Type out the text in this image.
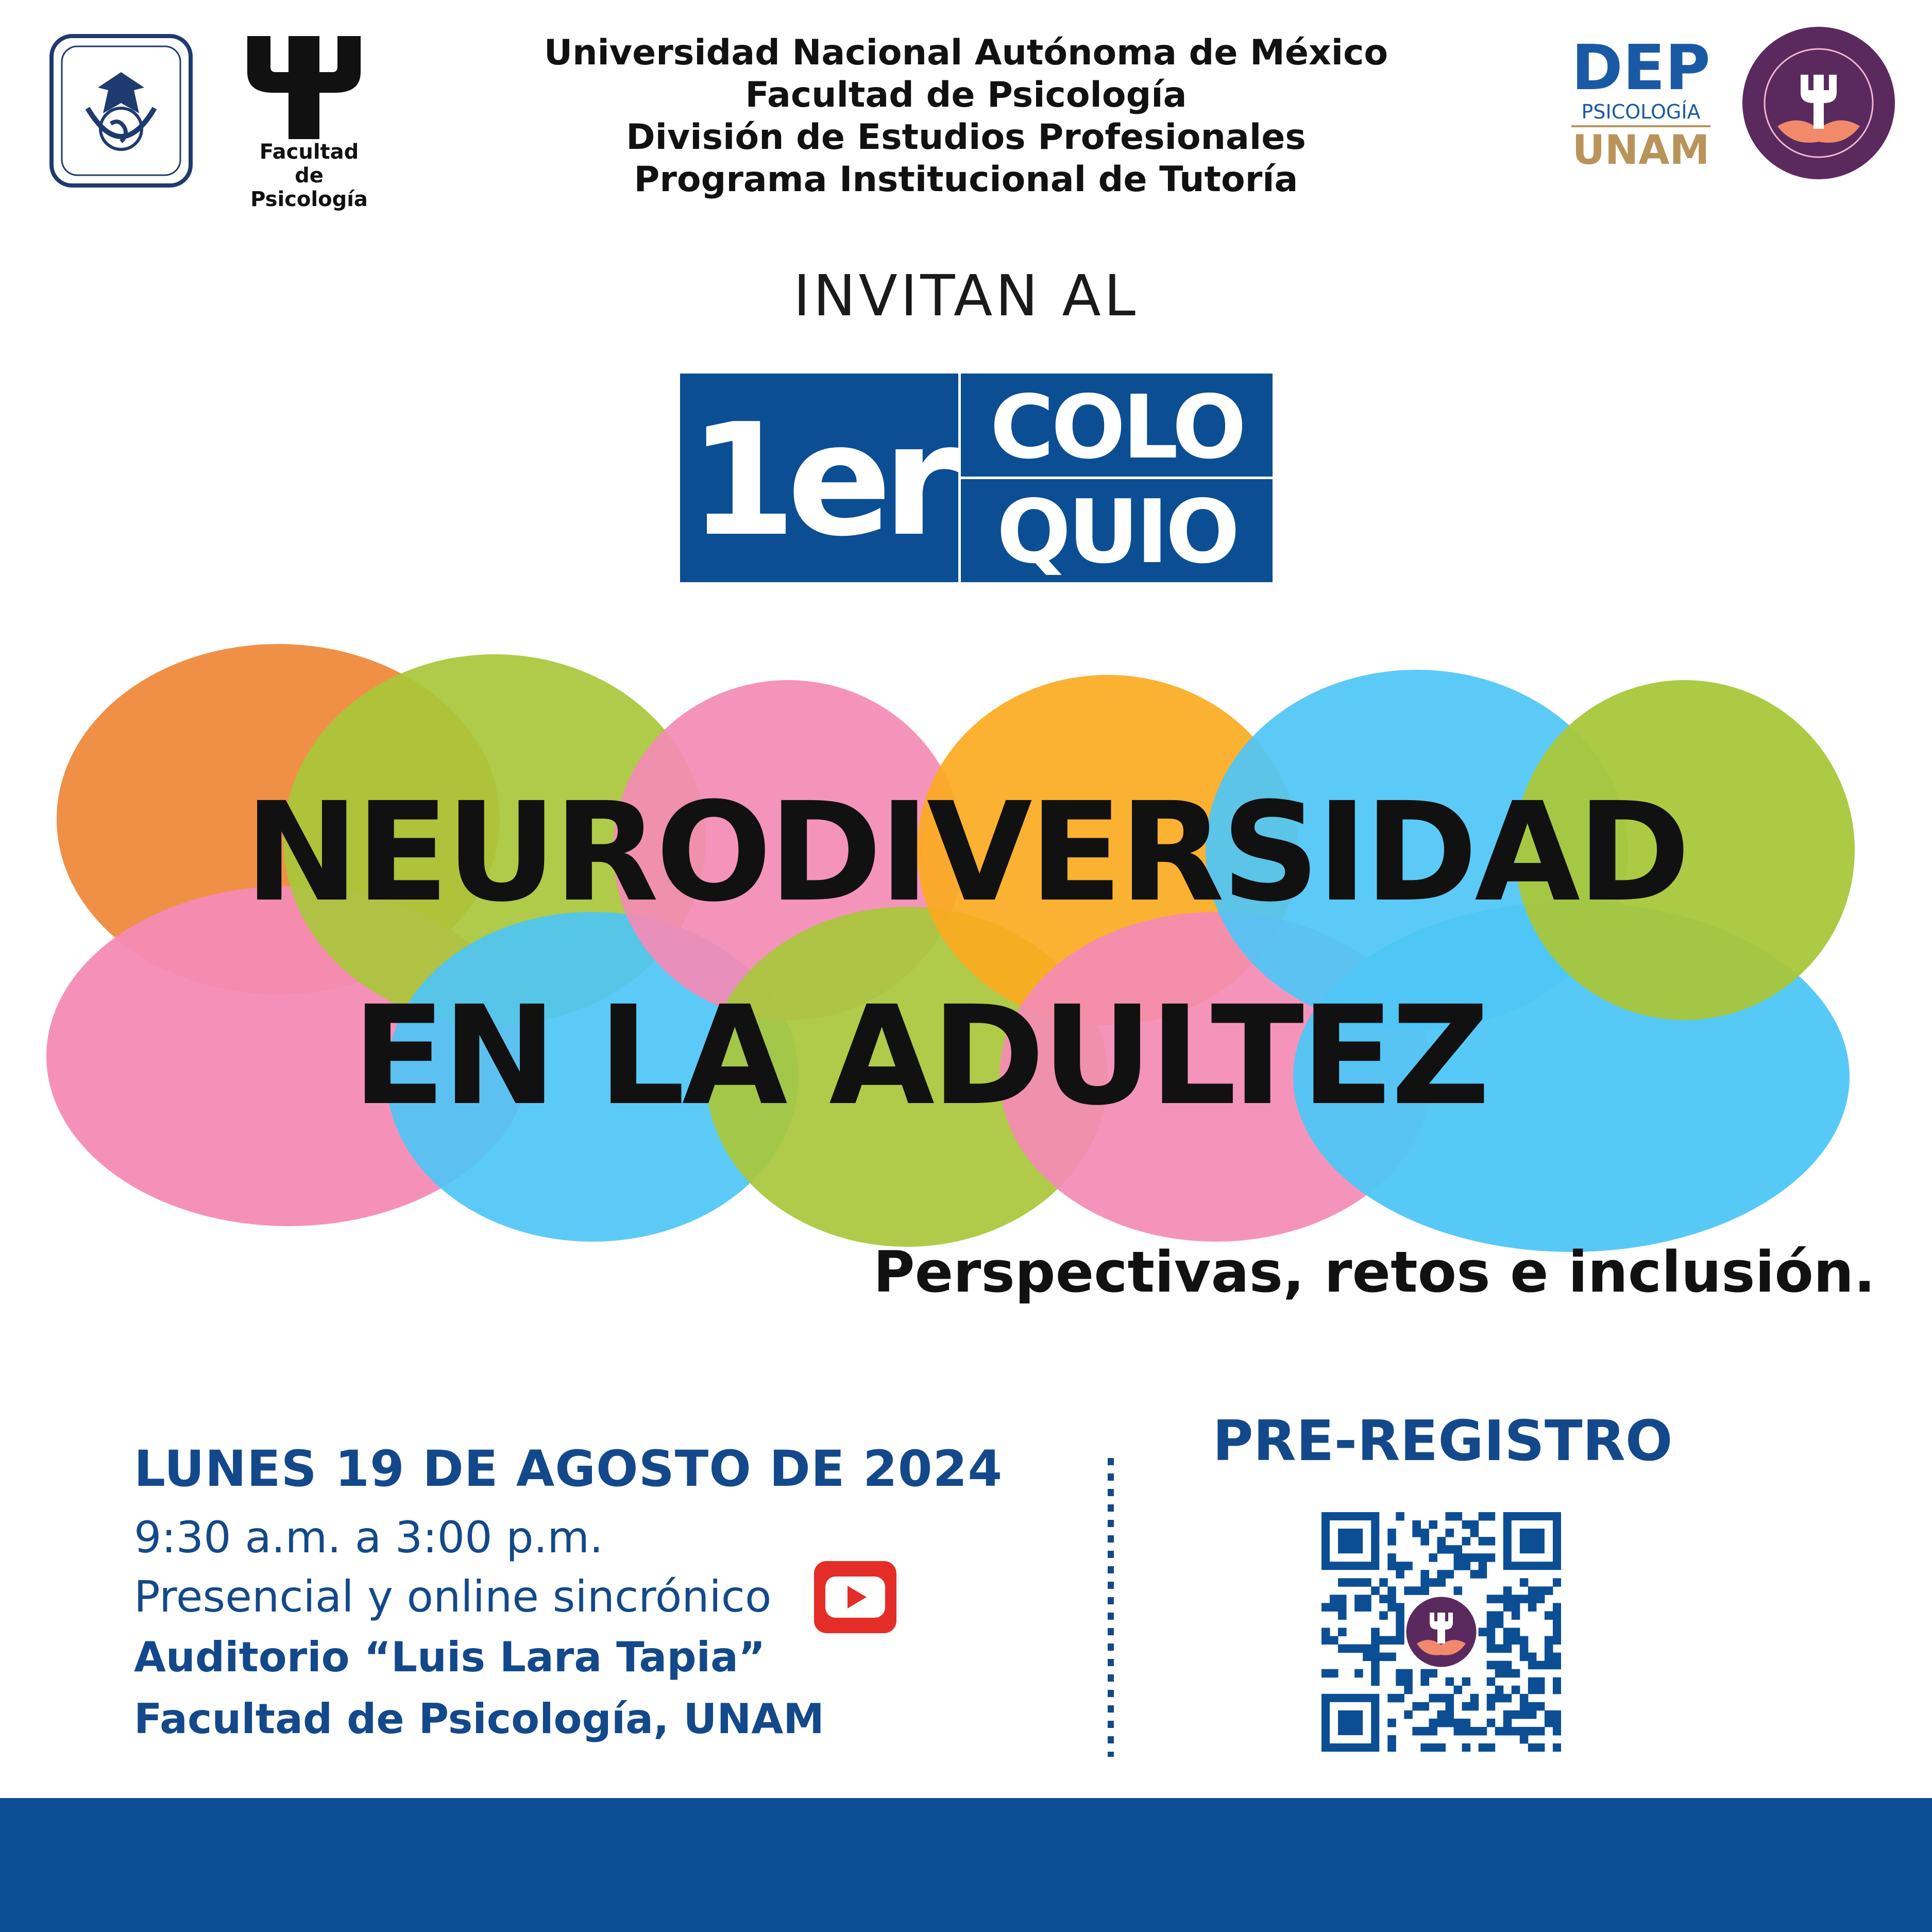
Facultad
de Psicología
Universidad Nacional Autónoma de México
Facultad de Psicología
División de Estudios Profesionales
Programa Institucional de Tutoría
DEP
PSICOLOGÍA
UNAM
INVITAN AL
1er COLO
QUIO
NEURODIVERSIDAD
EN LA ADULTEZ
Perspectivas, retos e inclusión.
LUNES 19 DE AGOSTO DE 2024
9:30 a.m. a 3:00 p.m.
Presencial y online sincrónico
Auditorio “Luis Lara Tapia”
Facultad de Psicología, UNAM
PRE-REGISTRO
